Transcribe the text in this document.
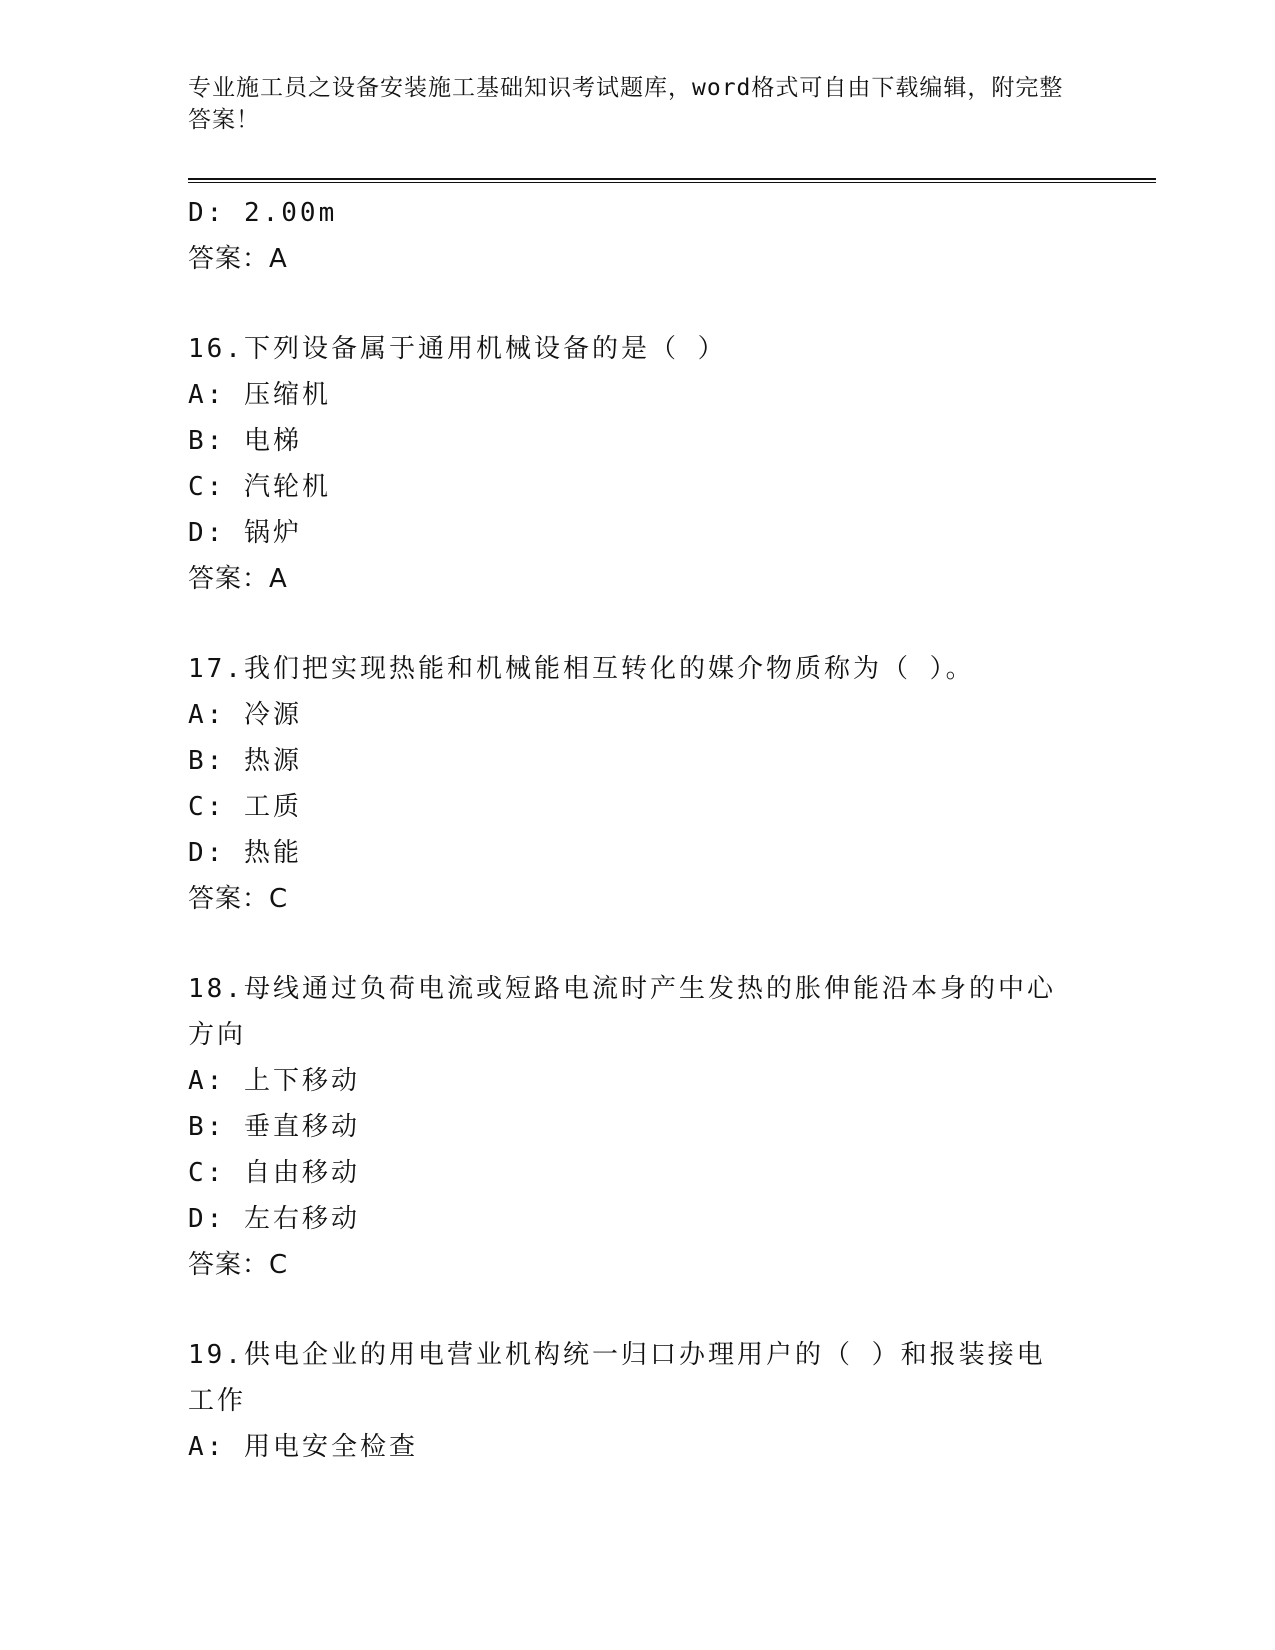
专业施工员之设备安装施工基础知识考试题库，word格式可自由下载编辑，附完整答案！
D: 2.00m
答案：A
16.下列设备属于通用机械设备的是（ ）
A: 压缩机
B: 电梯
C: 汽轮机
D: 锅炉
答案：A
17.我们把实现热能和机械能相互转化的媒介物质称为（ ）。
A: 冷源
B: 热源
C: 工质
D: 热能
答案：C
18.母线通过负荷电流或短路电流时产生发热的胀伸能沿本身的中心方向
A: 上下移动
B: 垂直移动
C: 自由移动
D: 左右移动
答案：C
19.供电企业的用电营业机构统一归口办理用户的（ ）和报装接电工作
A: 用电安全检查
